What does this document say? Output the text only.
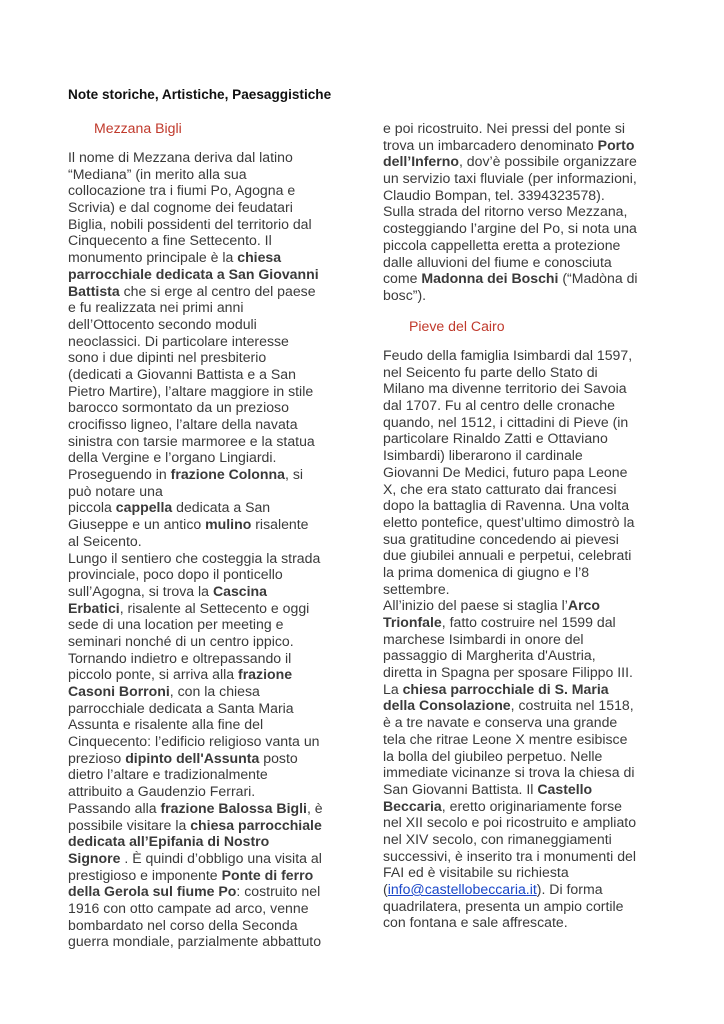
Note storiche, Artistiche, Paesaggistiche
Mezzana Bigli
Il nome di Mezzana deriva dal latino
“Mediana” (in merito alla sua
collocazione tra i fiumi Po, Agogna e
Scrivia) e dal cognome dei feudatari
Biglia, nobili possidenti del territorio dal
Cinquecento a fine Settecento. Il
monumento principale è la chiesa
parrocchiale dedicata a San Giovanni
Battista che si erge al centro del paese
e fu realizzata nei primi anni
dell’Ottocento secondo moduli
neoclassici. Di particolare interesse
sono i due dipinti nel presbiterio
(dedicati a Giovanni Battista e a San
Pietro Martire), l’altare maggiore in stile
barocco sormontato da un prezioso
crocifisso ligneo, l’altare della navata
sinistra con tarsie marmoree e la statua
della Vergine e l’organo Lingiardi.
Proseguendo in frazione Colonna, si
può notare una
piccola cappella dedicata a San
Giuseppe e un antico mulino risalente
al Seicento.
Lungo il sentiero che costeggia la strada
provinciale, poco dopo il ponticello
sull’Agogna, si trova la Cascina
Erbatici, risalente al Settecento e oggi
sede di una location per meeting e
seminari nonché di un centro ippico.
Tornando indietro e oltrepassando il
piccolo ponte, si arriva alla frazione
Casoni Borroni, con la chiesa
parrocchiale dedicata a Santa Maria
Assunta e risalente alla fine del
Cinquecento: l’edificio religioso vanta un
prezioso dipinto dell'Assunta posto
dietro l’altare e tradizionalmente
attribuito a Gaudenzio Ferrari.
Passando alla frazione Balossa Bigli, è
possibile visitare la chiesa parrocchiale
dedicata all’Epifania di Nostro
Signore . È quindi d’obbligo una visita al
prestigioso e imponente Ponte di ferro
della Gerola sul fiume Po: costruito nel
1916 con otto campate ad arco, venne
bombardato nel corso della Seconda
guerra mondiale, parzialmente abbattuto
e poi ricostruito. Nei pressi del ponte si
trova un imbarcadero denominato Porto
dell’Inferno, dov’è possibile organizzare
un servizio taxi fluviale (per informazioni,
Claudio Bompan, tel. 3394323578).
Sulla strada del ritorno verso Mezzana,
costeggiando l’argine del Po, si nota una
piccola cappelletta eretta a protezione
dalle alluvioni del fiume e conosciuta
come Madonna dei Boschi (“Madòna di
bosc”).
Pieve del Cairo
Feudo della famiglia Isimbardi dal 1597,
nel Seicento fu parte dello Stato di
Milano ma divenne territorio dei Savoia
dal 1707. Fu al centro delle cronache
quando, nel 1512, i cittadini di Pieve (in
particolare Rinaldo Zatti e Ottaviano
Isimbardi) liberarono il cardinale
Giovanni De Medici, futuro papa Leone
X, che era stato catturato dai francesi
dopo la battaglia di Ravenna. Una volta
eletto pontefice, quest’ultimo dimostrò la
sua gratitudine concedendo ai pievesi
due giubilei annuali e perpetui, celebrati
la prima domenica di giugno e l’8
settembre.
All’inizio del paese si staglia l’Arco
Trionfale, fatto costruire nel 1599 dal
marchese Isimbardi in onore del
passaggio di Margherita d'Austria,
diretta in Spagna per sposare Filippo III.
La chiesa parrocchiale di S. Maria
della Consolazione, costruita nel 1518,
è a tre navate e conserva una grande
tela che ritrae Leone X mentre esibisce
la bolla del giubileo perpetuo. Nelle
immediate vicinanze si trova la chiesa di
San Giovanni Battista. Il Castello
Beccaria, eretto originariamente forse
nel XII secolo e poi ricostruito e ampliato
nel XIV secolo, con rimaneggiamenti
successivi, è inserito tra i monumenti del
FAI ed è visitabile su richiesta
(info@castellobeccaria.it). Di forma
quadrilatera, presenta un ampio cortile
con fontana e sale affrescate.
